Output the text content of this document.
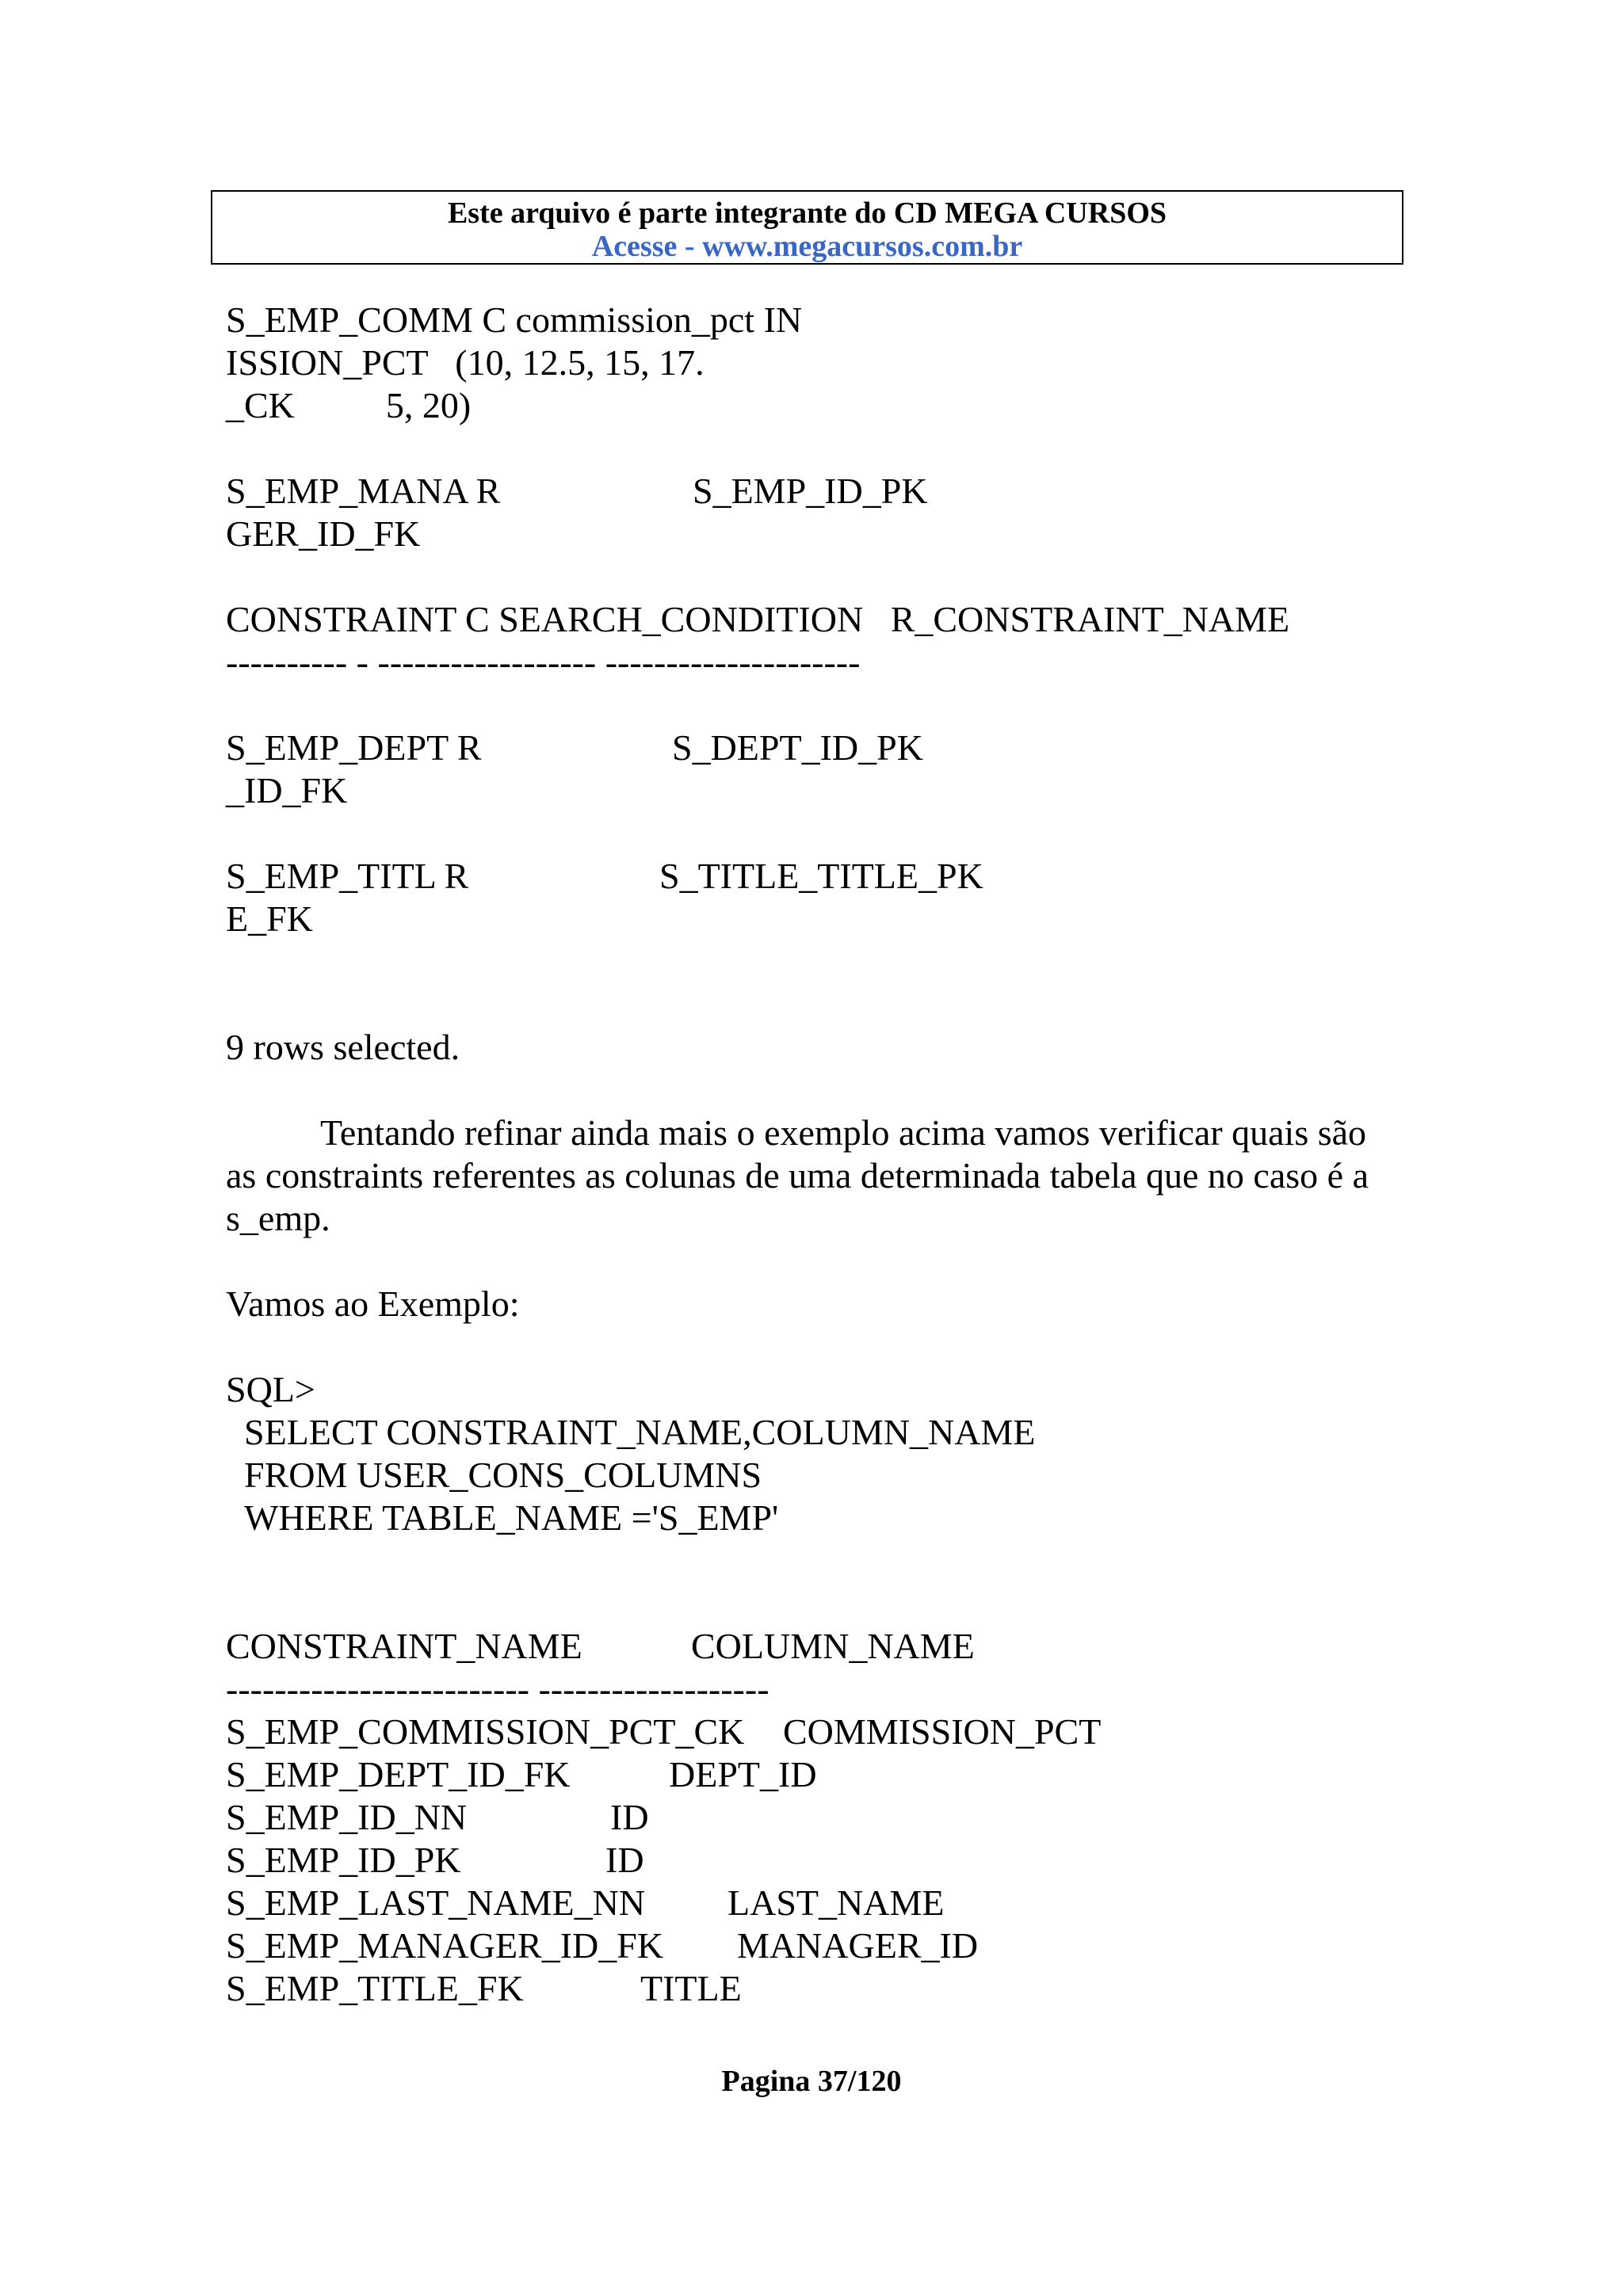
Este arquivo é parte integrante do CD MEGA CURSOS
Acesse - www.megacursos.com.br
S_EMP_COMM C commission_pct IN
ISSION_PCT   (10, 12.5, 15, 17.
_CK          5, 20)
S_EMP_MANA R	S_EMP_ID_PK
GER_ID_FK
CONSTRAINT C SEARCH_CONDITION   R_CONSTRAINT_NAME
---------- - ------------------ ---------------------
S_EMP_DEPT R	S_DEPT_ID_PK
_ID_FK
S_EMP_TITL R	S_TITLE_TITLE_PK
E_FK
9 rows selected.
Tentando refinar ainda mais o exemplo acima vamos verificar quais são
as constraints referentes as colunas de uma determinada tabela que no caso é a
s_emp.
Vamos ao Exemplo:
SQL>
SELECT CONSTRAINT_NAME,COLUMN_NAME
FROM USER_CONS_COLUMNS
WHERE TABLE_NAME ='S_EMP'
CONSTRAINT_NAME	COLUMN_NAME
------------------------- -------------------
S_EMP_COMMISSION_PCT_CK COMMISSION_PCT
S_EMP_DEPT_ID_FK	DEPT_ID
S_EMP_ID_NN	ID
S_EMP_ID_PK	ID
S_EMP_LAST_NAME_NN LAST_NAME
S_EMP_MANAGER_ID_FK MANAGER_ID
S_EMP_TITLE_FK	TITLE
Pagina 37/120
